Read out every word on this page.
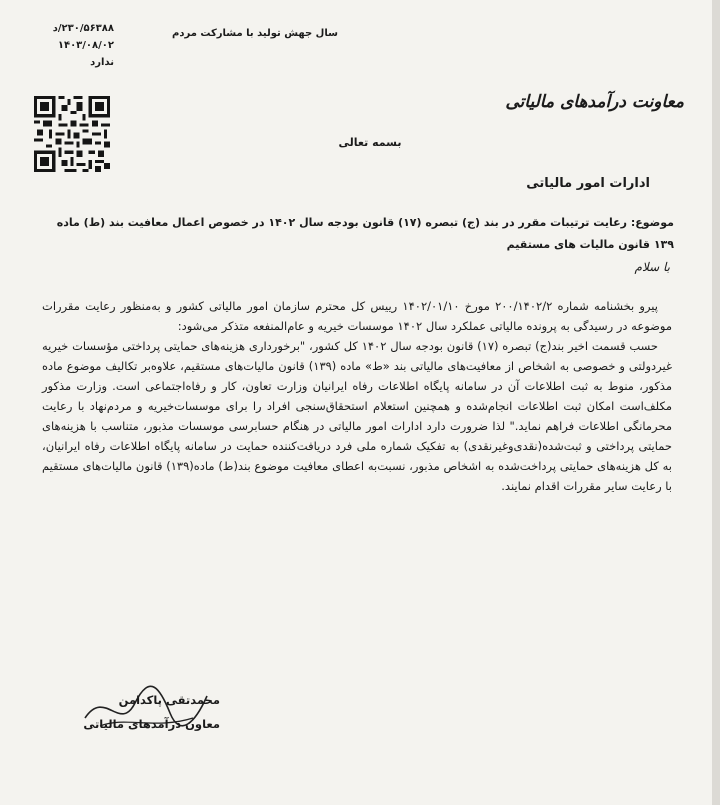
۲۳۰/۵۶۳۸۸/د
۱۴۰۳/۰۸/۰۲
ندارد
سال جهش تولید با مشارکت مردم
معاونت درآمدهای مالیاتی
بسمه تعالی
ادارات امور مالیاتی
موضوع: رعایت ترتیبات مقرر در بند (ج) تبصره (۱۷) قانون بودجه سال ۱۴۰۲ در خصوص اعمال معافیت بند (ط) ماده ۱۳۹ قانون مالیات های مستقیم
با سلام

پیرو بخشنامه شماره ۲۰۰/۱۴۰۲/۲ مورخ ۱۴۰۲/۰۱/۱۰ رییس کل محترم سازمان امور مالیاتی کشور و به‌منظور رعایت مقررات موضوعه در رسیدگی به پرونده مالیاتی عملکرد سال ۱۴۰۲ موسسات خیریه و عام‌المنفعه متذکر می‌شود:

حسب قسمت اخیر بند(ج) تبصره (۱۷) قانون بودجه سال ۱۴۰۲ کل کشور، "برخورداری هزینه‌های حمایتی پرداختی مؤسسات خیریه غیردولتی و خصوصی به اشخاص از معافیت‌های مالیاتی بند «ط» ماده (۱۳۹) قانون مالیات‌های مستقیم، علاوه‌بر تکالیف موضوع ماده مذکور، منوط به ثبت اطلاعات آن در سامانه پایگاه اطلاعات رفاه ایرانیان وزارت تعاون، کار و رفاه‌اجتماعی است. وزارت مذکور مکلف‌است امکان ثبت اطلاعات انجام‌شده و همچنین استعلام استحقاق‌سنجی افراد را برای موسسات‌خیریه و مردم‌نهاد با رعایت محرمانگی اطلاعات فراهم نماید." لذا ضرورت دارد ادارات امور مالیاتی در هنگام حسابرسی موسسات مذبور، متناسب با هزینه‌های حمایتی پرداختی و ثبت‌شده(نقدی‌وغیرنقدی) به تفکیک شماره ملی فرد دریافت‌کننده حمایت در سامانه پایگاه اطلاعات رفاه ایرانیان، به کل هزینه‌های حمایتی پرداخت‌شده به اشخاص مذبور، نسبت‌به اعطای معافیت موضوع بند(ط) ماده(۱۳۹) قانون مالیات‌های مستقیم با رعایت سایر مقررات اقدام نمایند.

محمدتقی پاکدامن
معاون درآمدهای مالیاتی
